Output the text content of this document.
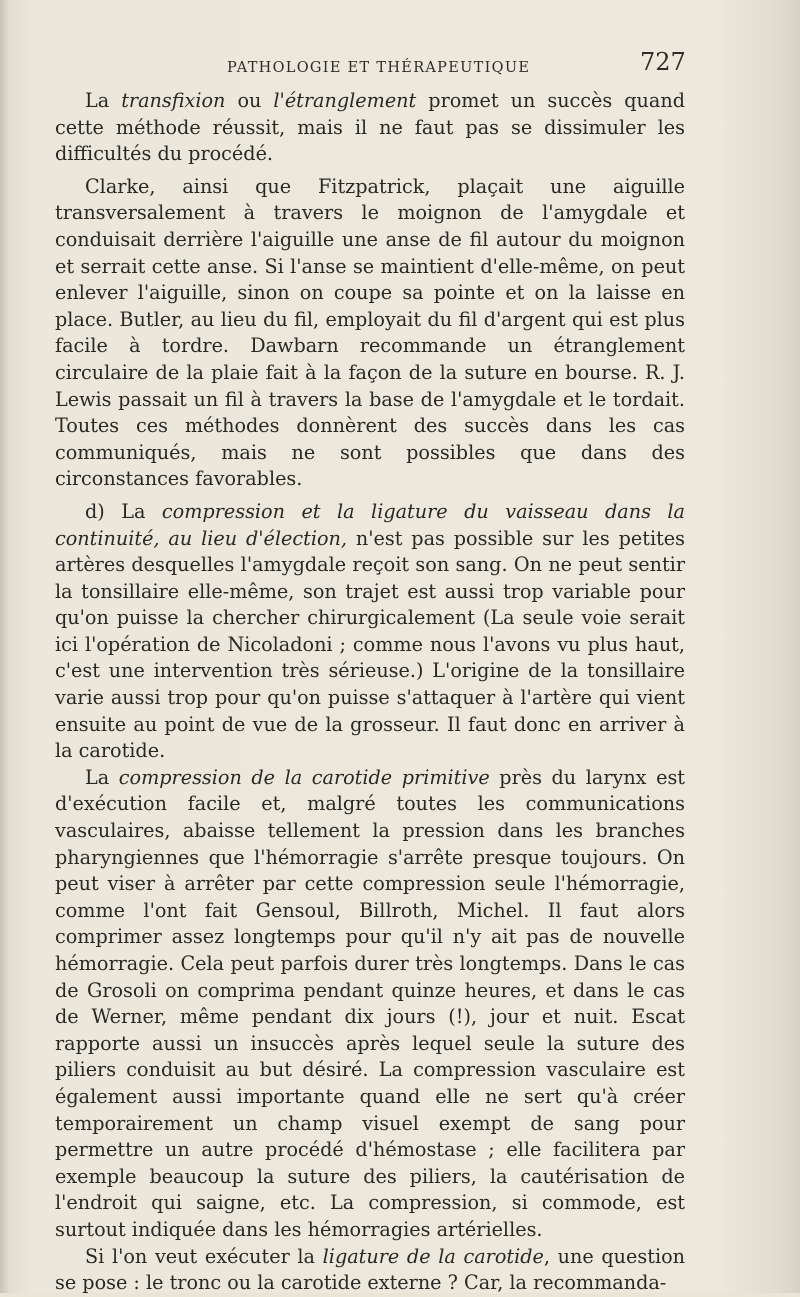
PATHOLOGIE ET THÉRAPEUTIQUE	727

La transfixion ou l'étranglement promet un succès quand cette méthode réussit, mais il ne faut pas se dissimuler les difficultés du procédé.

Clarke, ainsi que Fitzpatrick, plaçait une aiguille transversalement à travers le moignon de l'amygdale et conduisait derrière l'aiguille une anse de fil autour du moignon et serrait cette anse. Si l'anse se maintient d'elle-même, on peut enlever l'aiguille, sinon on coupe sa pointe et on la laisse en place. Butler, au lieu du fil, employait du fil d'argent qui est plus facile à tordre. Dawbarn recommande un étranglement circulaire de la plaie fait à la façon de la suture en bourse. R. J. Lewis passait un fil à travers la base de l'amygdale et le tordait. Toutes ces méthodes donnèrent des succès dans les cas communiqués, mais ne sont possibles que dans des circonstances favorables.

d) La compression et la ligature du vaisseau dans la continuité, au lieu d'élection, n'est pas possible sur les petites artères desquelles l'amygdale reçoit son sang. On ne peut sentir la tonsillaire elle-même, son trajet est aussi trop variable pour qu'on puisse la chercher chirurgicalement (La seule voie serait ici l'opération de Nicoladoni ; comme nous l'avons vu plus haut, c'est une intervention très sérieuse.) L'origine de la tonsillaire varie aussi trop pour qu'on puisse s'attaquer à l'artère qui vient ensuite au point de vue de la grosseur. Il faut donc en arriver à la carotide.

La compression de la carotide primitive près du larynx est d'exécution facile et, malgré toutes les communications vasculaires, abaisse tellement la pression dans les branches pharyngiennes que l'hémorragie s'arrête presque toujours. On peut viser à arrêter par cette compression seule l'hémorragie, comme l'ont fait Gensoul, Billroth, Michel. Il faut alors comprimer assez longtemps pour qu'il n'y ait pas de nouvelle hémorragie. Cela peut parfois durer très longtemps. Dans le cas de Grosoli on comprima pendant quinze heures, et dans le cas de Werner, même pendant dix jours (!), jour et nuit. Escat rapporte aussi un insuccès après lequel seule la suture des piliers conduisit au but désiré. La compression vasculaire est également aussi importante quand elle ne sert qu'à créer temporairement un champ visuel exempt de sang pour permettre un autre procédé d'hémostase ; elle facilitera par exemple beaucoup la suture des piliers, la cautérisation de l'endroit qui saigne, etc. La compression, si commode, est surtout indiquée dans les hémorragies artérielles.

Si l'on veut exécuter la ligature de la carotide, une question se pose : le tronc ou la carotide externe ? Car, la recommanda-
